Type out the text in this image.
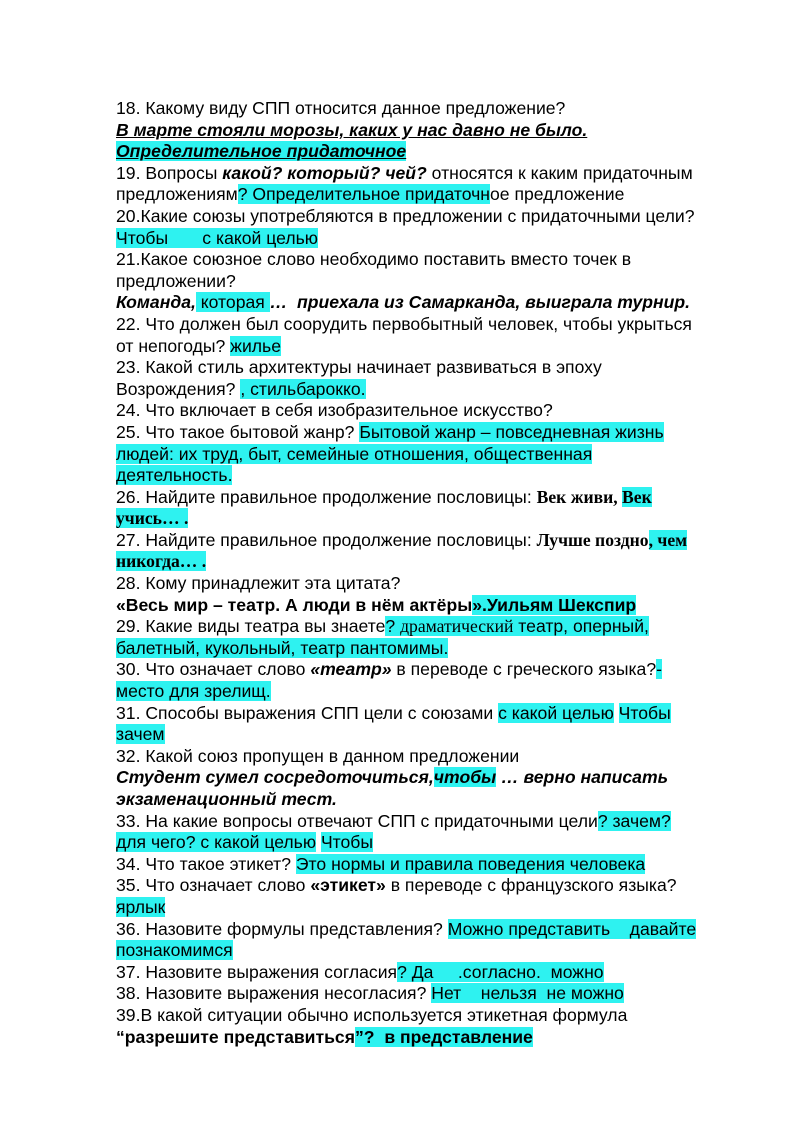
18. Какому виду СПП относится данное предложение?
В марте стояли морозы, каких у нас давно не было.
Определительное придаточное
19. Вопросы какой? который? чей? относятся к каким придаточным
предложениям? Определительное придаточное предложение
20.Какие союзы употребляются в предложении с придаточными цели?
Чтобы       с какой целью
21.Какое союзное слово необходимо поставить вместо точек в
предложении?
Команда, которая …  приехала из Самарканда, выиграла турнир.
22. Что должен был соорудить первобытный человек, чтобы укрыться
от непогоды? жилье
23. Какой стиль архитектуры начинает развиваться в эпоху
Возрождения? , стильбарокко.
24. Что включает в себя изобразительное искусство?
25. Что такое бытовой жанр? Бытовой жанр – повседневная жизнь
людей: их труд, быт, семейные отношения, общественная
деятельность.
26. Найдите правильное продолжение пословицы: Век живи, Век
учись… .
27. Найдите правильное продолжение пословицы: Лучше поздно, чем
никогда… .
28. Кому принадлежит эта цитата?
«Весь мир – театр. А люди в нём актёры».Уильям Шекспир
29. Какие виды театра вы знаете? драматический театр, оперный,
балетный, кукольный, театр пантомимы.
30. Что означает слово «театр» в переводе с греческого языка?-
место для зрелищ.
31. Способы выражения СПП цели с союзами с какой целью Чтобы
зачем
32. Какой союз пропущен в данном предложении
Студент сумел сосредоточиться,чтобы … верно написать
экзаменационный тест.
33. На какие вопросы отвечают СПП с придаточными цели? зачем?
для чего? с какой целью Чтобы
34. Что такое этикет? Это нормы и правила поведения человека
35. Что означает слово «этикет» в переводе с французского языка?
ярлык
36. Назовите формулы представления? Можно представить    давайте
познакомимся
37. Назовите выражения согласия? Да     .согласно.  можно
38. Назовите выражения несогласия? Нет    нельзя  не можно
39.В какой ситуации обычно используется этикетная формула
“разрешите представиться”?  в представление
